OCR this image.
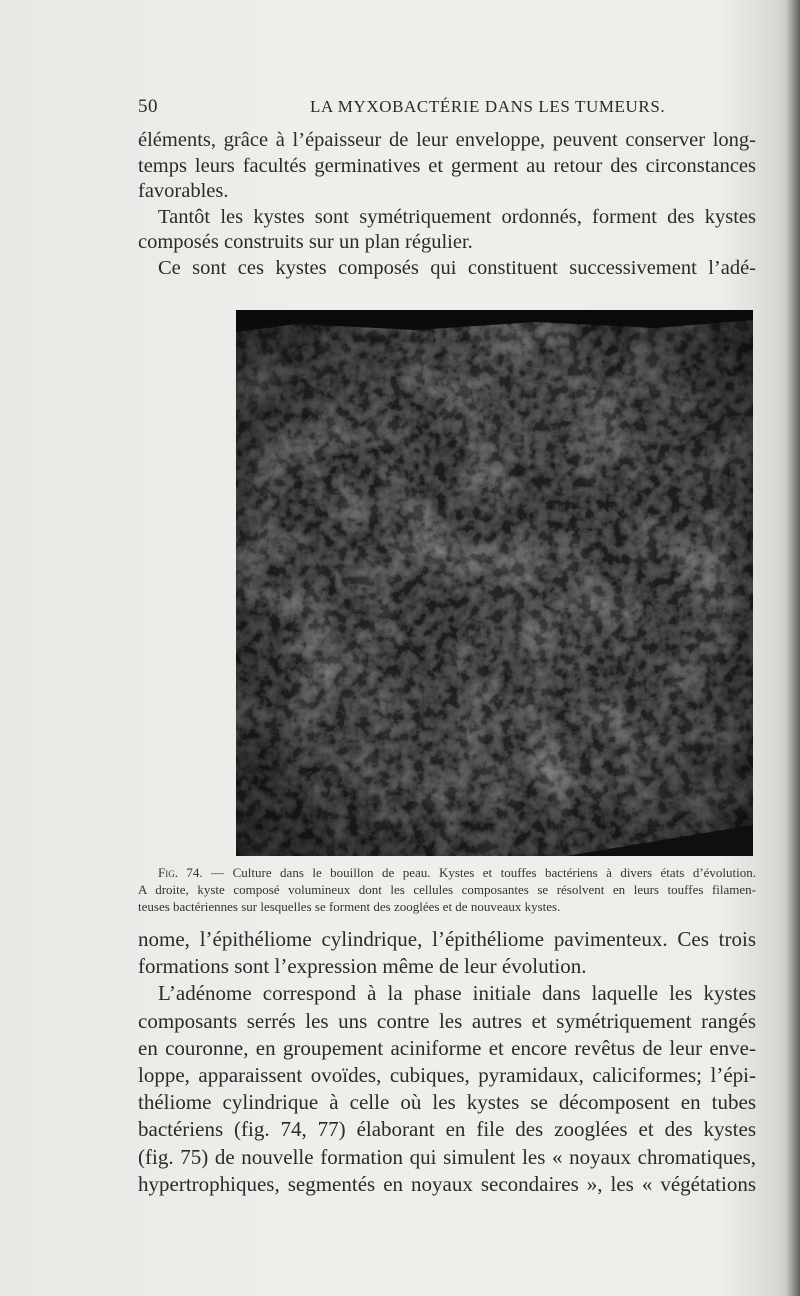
50	LA MYXOBACTÉRIE DANS LES TUMEURS.
éléments, grâce à l’épaisseur de leur enveloppe, peuvent conserver long-
temps leurs facultés germinatives et germent au retour des circonstances
favorables.
Tantôt les kystes sont symétriquement ordonnés, forment des kystes
composés construits sur un plan régulier.
Ce sont ces kystes composés qui constituent successivement l’adé-
Fig. 74. — Culture dans le bouillon de peau. Kystes et touffes bactériens à divers états d’évolution.
A droite, kyste composé volumineux dont les cellules composantes se résolvent en leurs touffes filamen-
teuses bactériennes sur lesquelles se forment des zooglées et de nouveaux kystes.
nome, l’épithéliome cylindrique, l’épithéliome pavimenteux. Ces trois
formations sont l’expression même de leur évolution.
L’adénome correspond à la phase initiale dans laquelle les kystes
composants serrés les uns contre les autres et symétriquement rangés
en couronne, en groupement aciniforme et encore revêtus de leur enve-
loppe, apparaissent ovoïdes, cubiques, pyramidaux, caliciformes; l’épi-
théliome cylindrique à celle où les kystes se décomposent en tubes
bactériens (fig. 74, 77) élaborant en file des zooglées et des kystes
(fig. 75) de nouvelle formation qui simulent les « noyaux chromatiques,
hypertrophiques, segmentés en noyaux secondaires », les « végétations
